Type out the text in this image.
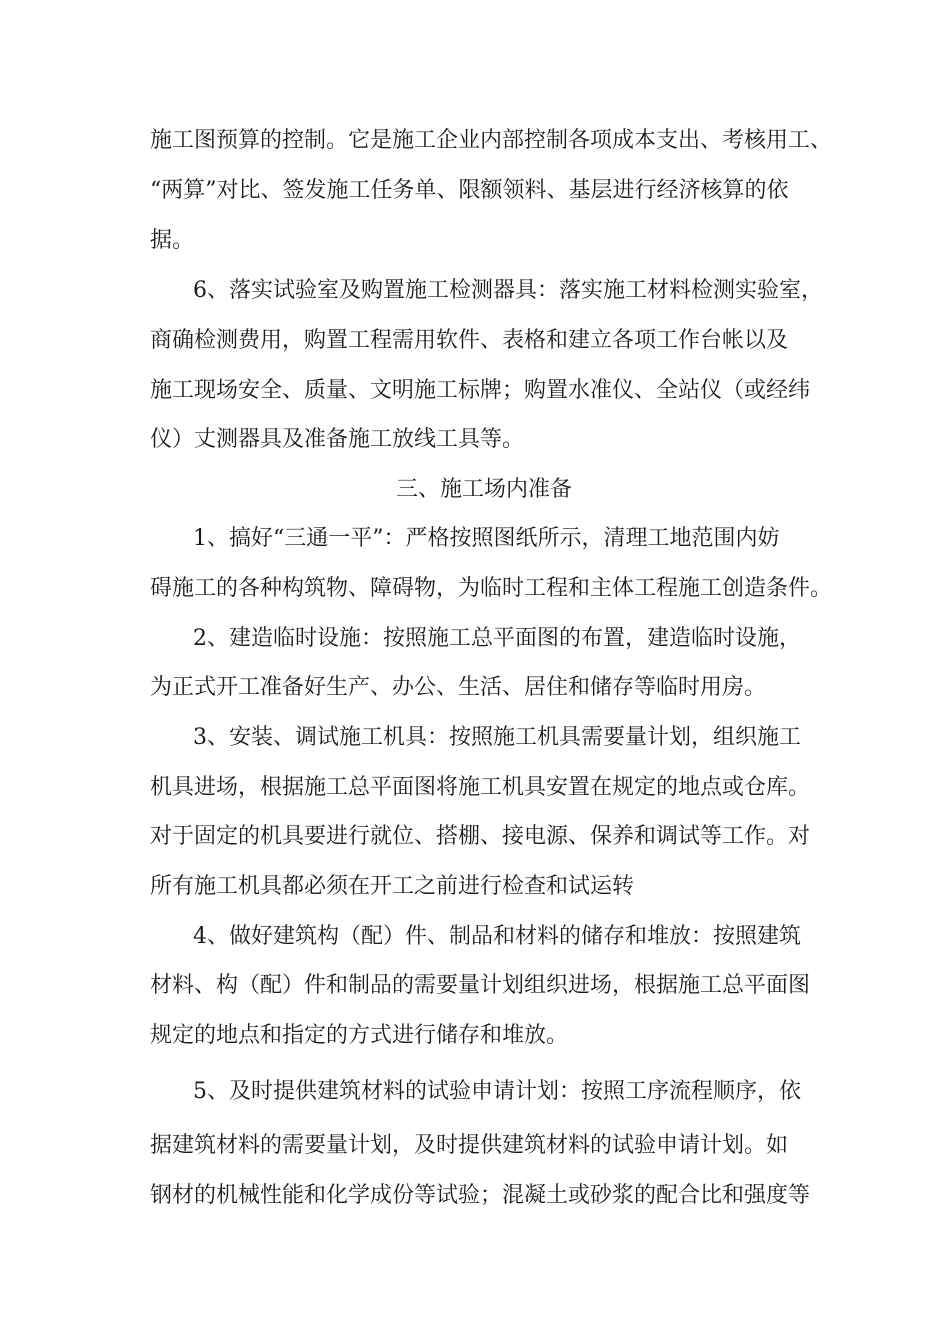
施工图预算的控制。它是施工企业内部控制各项成本支出、考核用工、
“两算”对比、签发施工任务单、限额领料、基层进行经济核算的依
据。
6、落实试验室及购置施工检测器具：落实施工材料检测实验室，
商确检测费用，购置工程需用软件、表格和建立各项工作台帐以及
施工现场安全、质量、文明施工标牌；购置水准仪、全站仪（或经纬
仪）丈测器具及准备施工放线工具等。
三、施工场内准备
1、搞好“三通一平”：严格按照图纸所示，清理工地范围内妨
碍施工的各种构筑物、障碍物，为临时工程和主体工程施工创造条件。
2、建造临时设施：按照施工总平面图的布置，建造临时设施，
为正式开工准备好生产、办公、生活、居住和储存等临时用房。
3、安装、调试施工机具：按照施工机具需要量计划，组织施工
机具进场，根据施工总平面图将施工机具安置在规定的地点或仓库。
对于固定的机具要进行就位、搭棚、接电源、保养和调试等工作。对
所有施工机具都必须在开工之前进行检查和试运转
4、做好建筑构（配）件、制品和材料的储存和堆放：按照建筑
材料、构（配）件和制品的需要量计划组织进场，根据施工总平面图
规定的地点和指定的方式进行储存和堆放。
5、及时提供建筑材料的试验申请计划：按照工序流程顺序，依
据建筑材料的需要量计划，及时提供建筑材料的试验申请计划。如
钢材的机械性能和化学成份等试验；混凝土或砂浆的配合比和强度等
